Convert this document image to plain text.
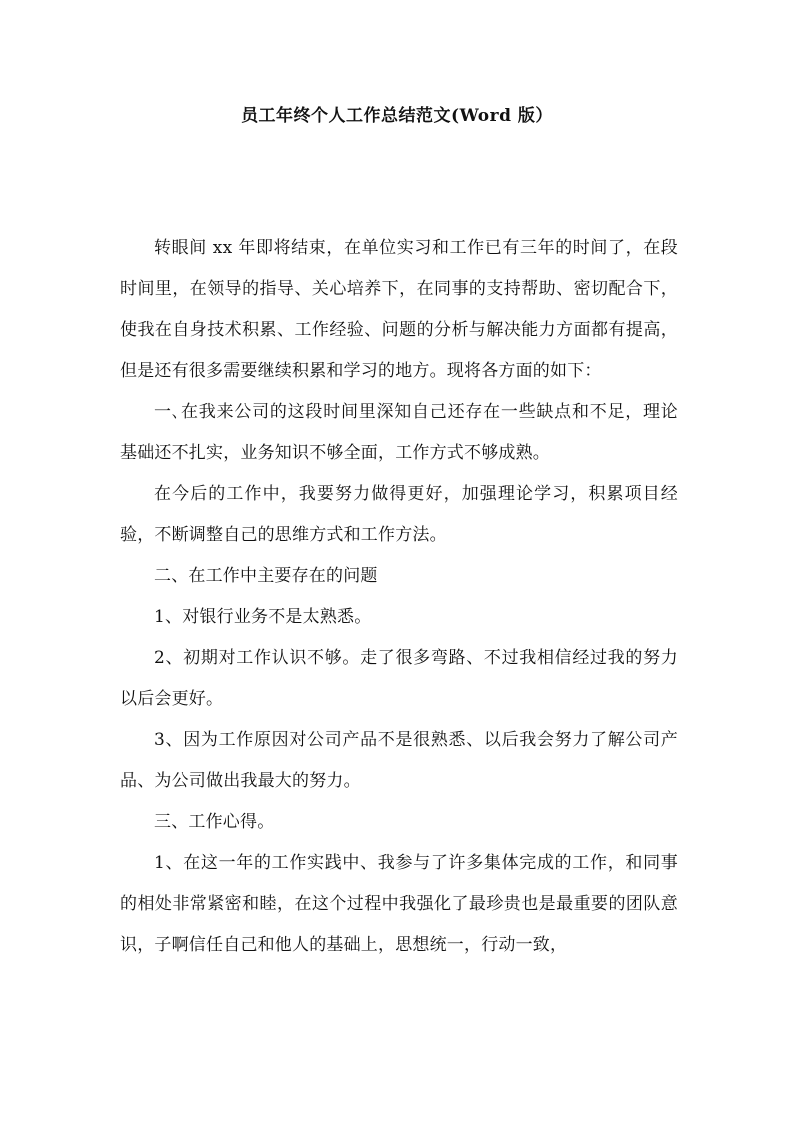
员工年终个人工作总结范文(Word 版）

转眼间 xx 年即将结束，在单位实习和工作已有三年的时间了，在段时间里，在领导的指导、关心培养下，在同事的支持帮助、密切配合下，使我在自身技术积累、工作经验、问题的分析与解决能力方面都有提高，但是还有很多需要继续积累和学习的地方。现将各方面的如下：

一､在我来公司的这段时间里深知自己还存在一些缺点和不足，理论基础还不扎实，业务知识不够全面，工作方式不够成熟。

在今后的工作中，我要努力做得更好，加强理论学习，积累项目经验，不断调整自己的思维方式和工作方法。

二、在工作中主要存在的问题

1、对银行业务不是太熟悉。

2、初期对工作认识不够。走了很多弯路、不过我相信经过我的努力以后会更好。

3、因为工作原因对公司产品不是很熟悉、以后我会努力了解公司产品、为公司做出我最大的努力。

三、工作心得。

1、在这一年的工作实践中、我参与了许多集体完成的工作，和同事的相处非常紧密和睦，在这个过程中我强化了最珍贵也是最重要的团队意识，子啊信任自己和他人的基础上，思想统一，行动一致，
